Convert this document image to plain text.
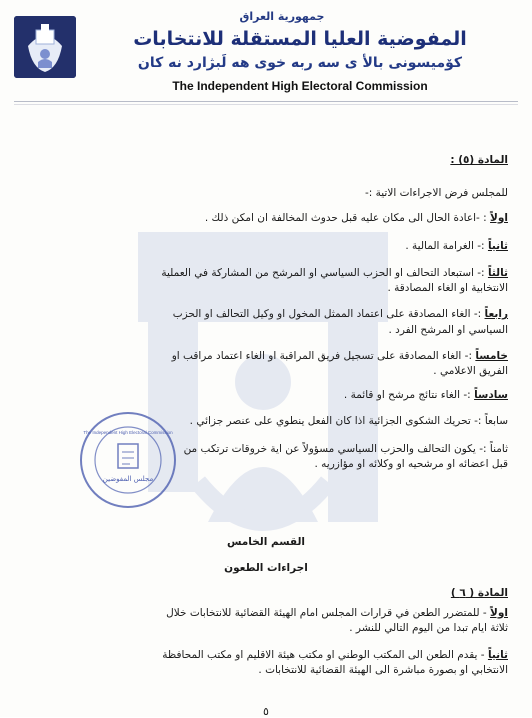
جمهورية العراق
المفوضية العليا المستقلة للانتخابات
كۆميسونى بالأ ى سه ربه خوى هه لَبژارد نه كان
The Independent High Electoral Commission
المادة (٥) :
للمجلس فرض الاجراءات الاتية :-
اولاً : -اعادة الحال الى مكان عليه قبل حدوث المخالفة ان امكن ذلك .
ثانياً :- الغرامة المالية .
ثالثاً :- استبعاد التحالف او الحزب السياسي او المرشح من المشاركة في العملية
الانتخابية او الغاء المصادقة .
رابعاً :- الغاء المصادقة على اعتماد الممثل المخول او وكيل التحالف او الحزب
السياسي او المرشح الفرد .
خامساً :- الغاء المصادقة على تسجيل فريق المراقبة او الغاء اعتماد مراقب او
الفريق الاعلامي .
سادساً :- الغاء نتائج مرشح او قائمة .
سابعاً :- تحريك الشكوى الجزائية اذا كان الفعل ينطوي على عنصر جزائي .
ثامناً :- يكون التحالف والحزب السياسي مسؤولاً عن اية خروقات ترتكب من
قبل اعضائه او مرشحيه او وكلائه او مؤازريه .
مجلس المفوضين
The Independent High Electoral Commission
القسم الخامس
اجراءات الطعون
المادة ( ٦ )
اولاً - للمتضرر الطعن في قرارات المجلس امام الهيئة القضائية للانتخابات خلال
ثلاثة ايام تبدا من اليوم التالي للنشر .
ثانياً - يقدم الطعن الى المكتب الوطني او مكتب هيئة الاقليم او مكتب المحافظة
الانتخابي او بصورة مباشرة الى الهيئة القضائية للانتخابات .
٥
